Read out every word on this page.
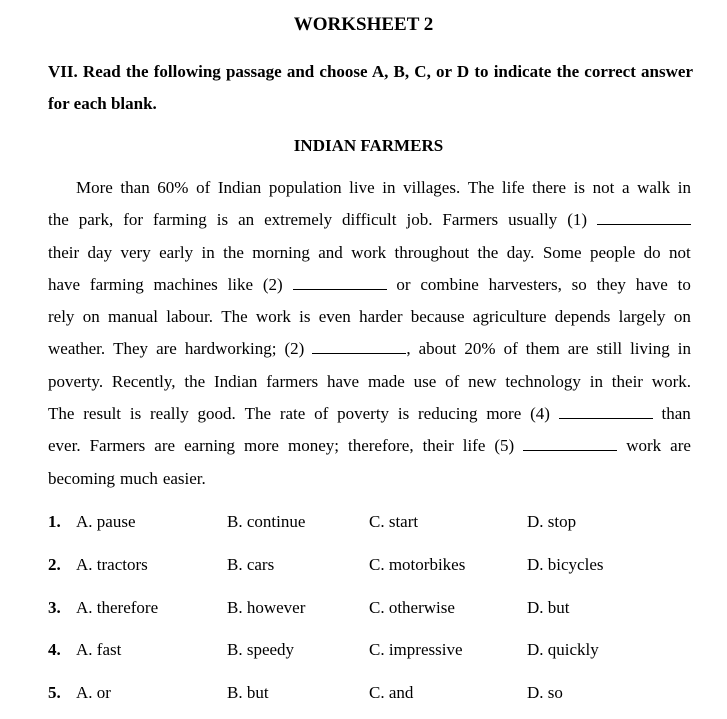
WORKSHEET 2
VII. Read the following passage and choose A, B, C, or D to indicate the correct answer for each blank.
INDIAN FARMERS
More than 60% of Indian population live in villages. The life there is not a walk in
the park, for farming is an extremely difficult job. Farmers usually (1)
their day very early in the morning and work throughout the day. Some people do not
have farming machines like (2)	or combine harvesters, so they have to
rely on manual labour. The work is even harder because agriculture depends largely on
weather. They are hardworking; (2)	, about 20% of them are still living in
poverty. Recently, the Indian farmers have made use of new technology in their work.
The result is really good. The rate of poverty is reducing more (4)	than
ever. Farmers are earning more money; therefore, their life (5)	work are
becoming much easier.
1. A. pause	B. continue	C. start	D. stop
2. A. tractors	B. cars	C. motorbikes	D. bicycles
3. A. therefore	B. however	C. otherwise	D. but
4. A. fast	B. speedy	C. impressive	D. quickly
5. A. or	B. but	C. and	D. so
